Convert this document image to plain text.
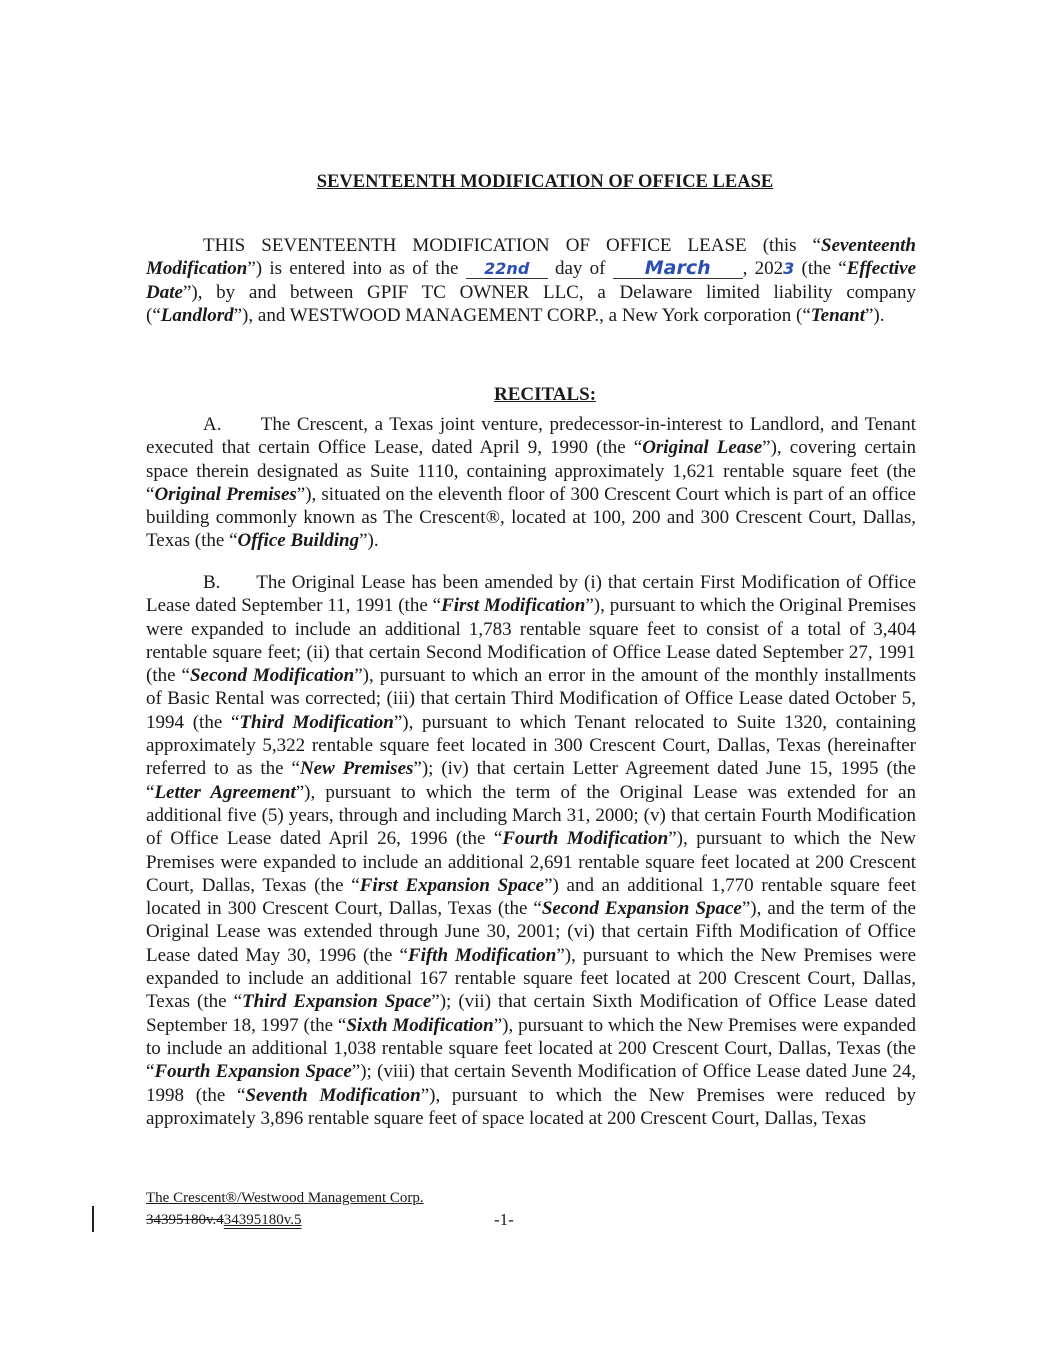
SEVENTEENTH MODIFICATION OF OFFICE LEASE

THIS SEVENTEENTH MODIFICATION OF OFFICE LEASE (this “Seventeenth Modification”) is entered into as of the 22nd day of March , 2023 (the “Effective Date”), by and between GPIF TC OWNER LLC, a Delaware limited liability company (“Landlord”), and WESTWOOD MANAGEMENT CORP., a New York corporation (“Tenant”).

RECITALS:

A.      The Crescent, a Texas joint venture, predecessor-in-interest to Landlord, and Tenant executed that certain Office Lease, dated April 9, 1990 (the “Original Lease”), covering certain space therein designated as Suite 1110, containing approximately 1,621 rentable square feet (the “Original Premises”), situated on the eleventh floor of 300 Crescent Court which is part of an office building commonly known as The Crescent®, located at 100, 200 and 300 Crescent Court, Dallas, Texas (the “Office Building”).

B.      The Original Lease has been amended by (i) that certain First Modification of Office Lease dated September 11, 1991 (the “First Modification”), pursuant to which the Original Premises were expanded to include an additional 1,783 rentable square feet to consist of a total of 3,404 rentable square feet; (ii) that certain Second Modification of Office Lease dated September 27, 1991 (the “Second Modification”), pursuant to which an error in the amount of the monthly installments of Basic Rental was corrected; (iii) that certain Third Modification of Office Lease dated October 5, 1994 (the “Third Modification”), pursuant to which Tenant relocated to Suite 1320, containing approximately 5,322 rentable square feet located in 300 Crescent Court, Dallas, Texas (hereinafter referred to as the “New Premises”); (iv) that certain Letter Agreement dated June 15, 1995 (the “Letter Agreement”), pursuant to which the term of the Original Lease was extended for an additional five (5) years, through and including March 31, 2000; (v) that certain Fourth Modification of Office Lease dated April 26, 1996 (the “Fourth Modification”), pursuant to which the New Premises were expanded to include an additional 2,691 rentable square feet located at 200 Crescent Court, Dallas, Texas (the “First Expansion Space”) and an additional 1,770 rentable square feet located in 300 Crescent Court, Dallas, Texas (the “Second Expansion Space”), and the term of the Original Lease was extended through June 30, 2001; (vi) that certain Fifth Modification of Office Lease dated May 30, 1996 (the “Fifth Modification”), pursuant to which the New Premises were expanded to include an additional 167 rentable square feet located at 200 Crescent Court, Dallas, Texas (the “Third Expansion Space”); (vii) that certain Sixth Modification of Office Lease dated September 18, 1997 (the “Sixth Modification”), pursuant to which the New Premises were expanded to include an additional 1,038 rentable square feet located at 200 Crescent Court, Dallas, Texas (the “Fourth Expansion Space”); (viii) that certain Seventh Modification of Office Lease dated June 24, 1998 (the “Seventh Modification”), pursuant to which the New Premises were reduced by approximately 3,896 rentable square feet of space located at 200 Crescent Court, Dallas, Texas

The Crescent®/Westwood Management Corp.
34395180v.434395180v.5	-1-
